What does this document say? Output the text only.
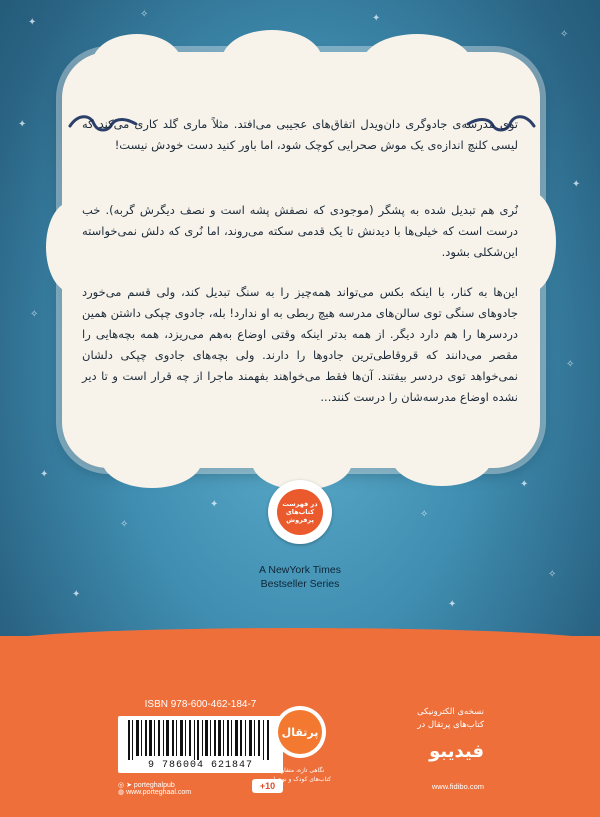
✦
✧	✦
✧
✦
✦
✧
✧
✦
✧
✦
✧
✦
✦
✦
✧

توی مدرسه‌ی جادوگری دان‌ویدل اتفاق‌های عجیبی می‌افتد. مثلاً ماری گلد کاری می‌کند که لیسی کلنچ اندازه‌ی یک موش صحرایی کوچک شود، اما باور کنید دست خودش نیست!

نُری هم تبدیل شده به پشگر (موجودی که نصفش پشه است و نصف دیگرش گربه). خب درست است که خیلی‌ها با دیدنش تا یک قدمی سکته می‌روند، اما نُری که دلش نمی‌خواسته این‌شکلی بشود.

این‌ها به کنار، با اینکه بکس می‌تواند همه‌چیز را به سنگ تبدیل کند، ولی قسم می‌خورد جادوهای سنگی توی سالن‌های مدرسه هیچ ربطی به او ندارد! بله، جادوی چپکی داشتن همین دردسرها را هم دارد دیگر. از همه بدتر اینکه وقتی اوضاع به‌هم می‌ریزد، همه بچه‌هایی را مقصر می‌دانند که قروقاطی‌ترین جادوها را دارند. ولی بچه‌های جادوی چپکی دلشان نمی‌خواهد توی دردسر بیفتند. آن‌ها فقط می‌خواهند بفهمند ماجرا از چه قرار است و تا دیر نشده اوضاع مدرسه‌شان را درست کنند...

در فهرست کتاب‌های پرفروش
A NewYork Times
Bestseller Series
ISBN 978-600-462-184-7
9 786004 621847
◎ ➤ porteghalpub
◍ www.porteghaal.com
+10
پرتقال
نگاهی تازه، متفاوت
کتاب‌های کودک و نوجوان
نسخه‌ی الکترونیکی
کتاب‌های پرتقال در
فیدیبو
www.fidibo.com
